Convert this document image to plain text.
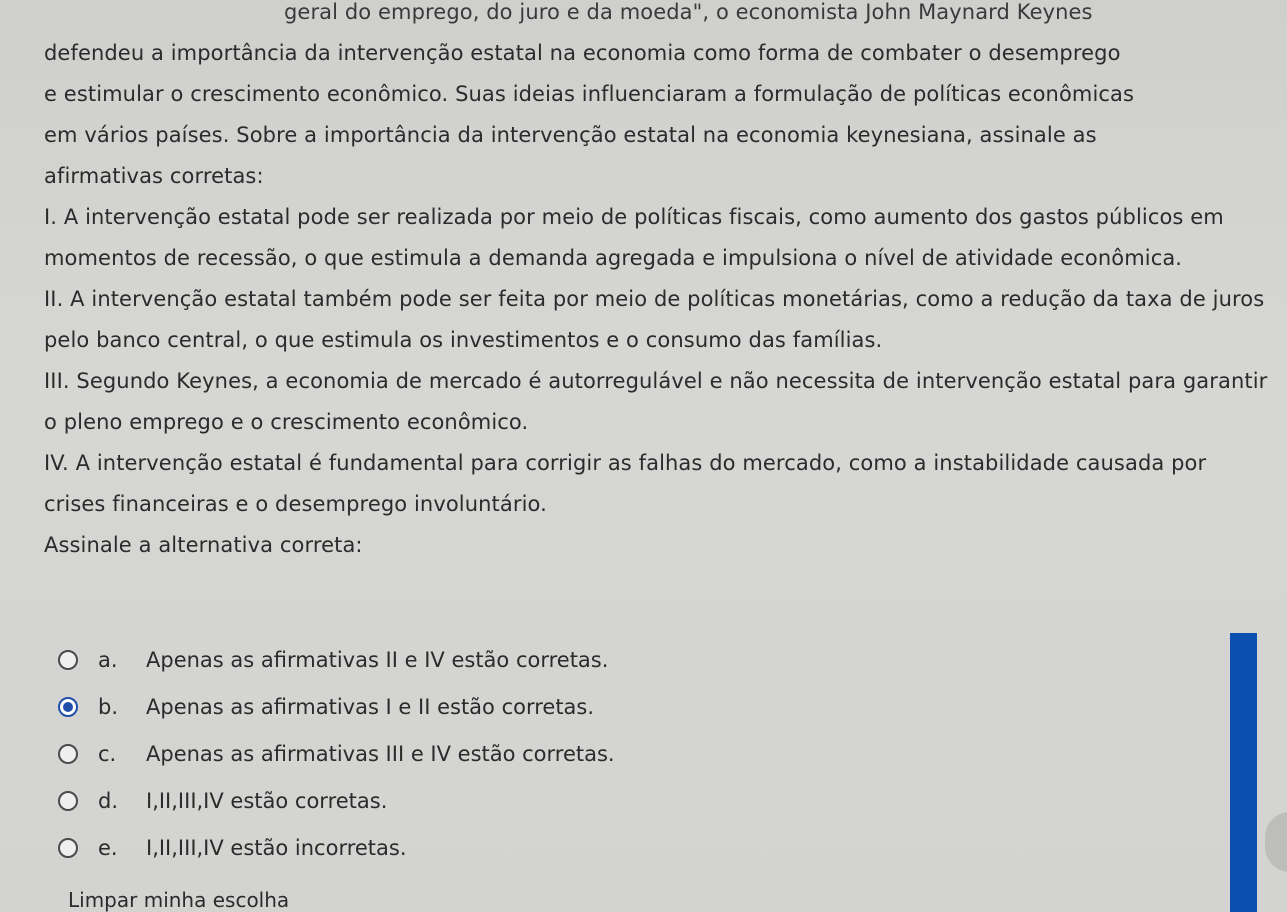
geral do emprego, do juro e da moeda", o economista John Maynard Keynes

defendeu a importância da intervenção estatal na economia como forma de combater o desemprego

e estimular o crescimento econômico. Suas ideias influenciaram a formulação de políticas econômicas

em vários países. Sobre a importância da intervenção estatal na economia keynesiana, assinale as

afirmativas corretas:

I. A intervenção estatal pode ser realizada por meio de políticas fiscais, como aumento dos gastos públicos em momentos de recessão, o que estimula a demanda agregada e impulsiona o nível de atividade econômica.

II. A intervenção estatal também pode ser feita por meio de políticas monetárias, como a redução da taxa de juros pelo banco central, o que estimula os investimentos e o consumo das famílias.

III. Segundo Keynes, a economia de mercado é autorregulável e não necessita de intervenção estatal para garantir o pleno emprego e o crescimento econômico.

IV. A intervenção estatal é fundamental para corrigir as falhas do mercado, como a instabilidade causada por crises financeiras e o desemprego involuntário.

Assinale a alternativa correta:

a.	Apenas as afirmativas II e IV estão corretas.
b.	Apenas as afirmativas I e II estão corretas.
c.	Apenas as afirmativas III e IV estão corretas.
d.	I,II,III,IV estão corretas.
e.	I,II,III,IV estão incorretas.
Limpar minha escolha
